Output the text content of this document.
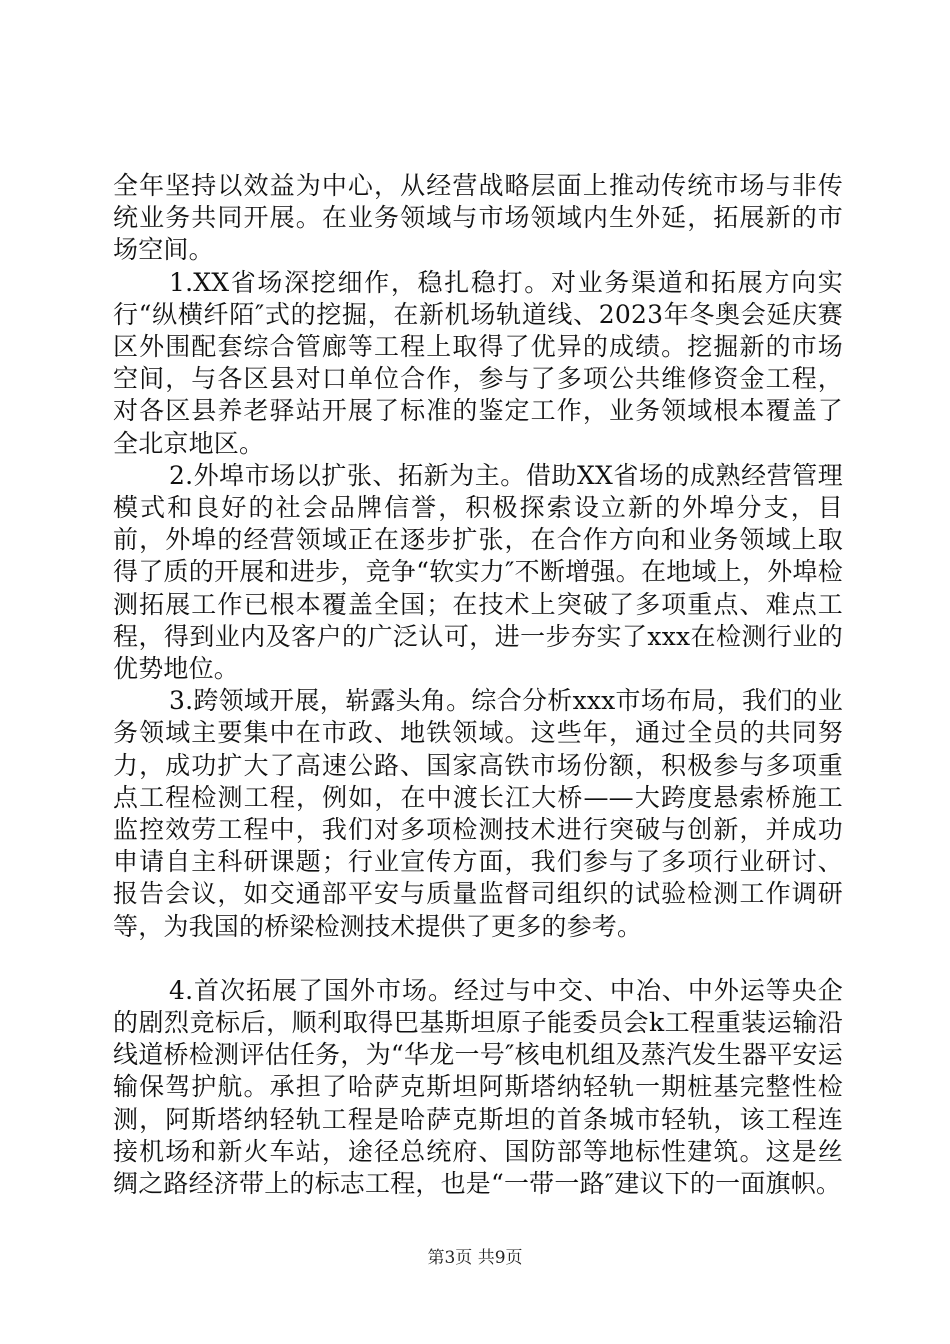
全年坚持以效益为中心，从经营战略层面上推动传统市场与非传统业务共同开展。在业务领域与市场领域内生外延，拓展新的市场空间。

1.XX省场深挖细作，稳扎稳打。对业务渠道和拓展方向实行“纵横纤陌″式的挖掘，在新机场轨道线、2023年冬奥会延庆赛区外围配套综合管廊等工程上取得了优异的成绩。挖掘新的市场空间，与各区县对口单位合作，参与了多项公共维修资金工程，对各区县养老驿站开展了标准的鉴定工作，业务领域根本覆盖了全北京地区。

2.外埠市场以扩张、拓新为主。借助XX省场的成熟经营管理模式和良好的社会品牌信誉，积极探索设立新的外埠分支，目前，外埠的经营领域正在逐步扩张，在合作方向和业务领域上取得了质的开展和进步，竞争“软实力″不断增强。在地域上，外埠检测拓展工作已根本覆盖全国；在技术上突破了多项重点、难点工程，得到业内及客户的广泛认可，进一步夯实了xxx在检测行业的优势地位。

3.跨领域开展，崭露头角。综合分析xxx市场布局，我们的业务领域主要集中在市政、地铁领域。这些年，通过全员的共同努力，成功扩大了高速公路、国家高铁市场份额，积极参与多项重点工程检测工程，例如，在中渡长江大桥——大跨度悬索桥施工监控效劳工程中，我们对多项检测技术进行突破与创新，并成功申请自主科研课题；行业宣传方面，我们参与了多项行业研讨、报告会议，如交通部平安与质量监督司组织的试验检测工作调研等，为我国的桥梁检测技术提供了更多的参考。

4.首次拓展了国外市场。经过与中交、中冶、中外运等央企的剧烈竞标后，顺利取得巴基斯坦原子能委员会k工程重装运输沿线道桥检测评估任务，为“华龙一号″核电机组及蒸汽发生器平安运输保驾护航。承担了哈萨克斯坦阿斯塔纳轻轨一期桩基完整性检测，阿斯塔纳轻轨工程是哈萨克斯坦的首条城市轻轨，该工程连接机场和新火车站，途径总统府、国防部等地标性建筑。这是丝绸之路经济带上的标志工程，也是“一带一路″建议下的一面旗帜。

第3页 共9页
